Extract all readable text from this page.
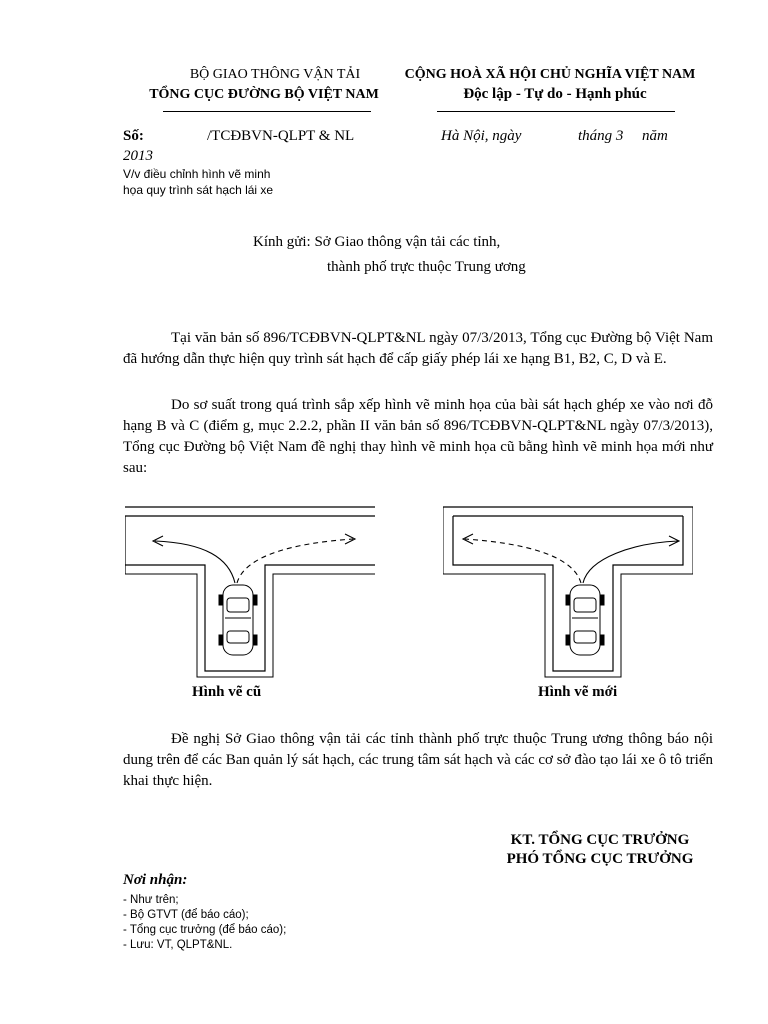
BỘ GIAO THÔNG VẬN TẢI
TỔNG CỤC ĐƯỜNG BỘ VIỆT NAM
CỘNG HOÀ XÃ HỘI CHỦ NGHĨA VIỆT NAM
Độc lập - Tự do - Hạnh phúc
Số:	/TCĐBVN-QLPT & NL	Hà Nội, ngày	tháng 3 năm
2013
V/v điều chỉnh hình vẽ minh
họa quy trình sát hạch lái xe
Kính gửi: Sở Giao thông vận tải các tỉnh,
thành phố trực thuộc Trung ương
Tại văn bản số 896/TCĐBVN-QLPT&NL ngày 07/3/2013, Tổng cục Đường bộ Việt Nam đã hướng dẫn thực hiện quy trình sát hạch để cấp giấy phép lái xe hạng B1, B2, C, D và E.
Do sơ suất trong quá trình sắp xếp hình vẽ minh họa của bài sát hạch ghép xe vào nơi đỗ hạng B và C (điểm g, mục 2.2.2, phần II văn bản số 896/TCĐBVN-QLPT&NL ngày 07/3/2013), Tổng cục Đường bộ Việt Nam đề nghị thay hình vẽ minh họa cũ bằng hình vẽ minh họa mới như sau:
Hình vẽ cũ	Hình vẽ mới
Đề nghị Sở Giao thông vận tải các tỉnh thành phố trực thuộc Trung ương thông báo nội dung trên để các Ban quản lý sát hạch, các trung tâm sát hạch và các cơ sở đào tạo lái xe ô tô triển khai thực hiện.
KT. TỔNG CỤC TRƯỞNG
PHÓ TỔNG CỤC TRƯỞNG
Nơi nhận:
- Như trên;
- Bộ GTVT (để báo cáo);
- Tổng cục trưởng (để báo cáo);
- Lưu: VT, QLPT&NL.
